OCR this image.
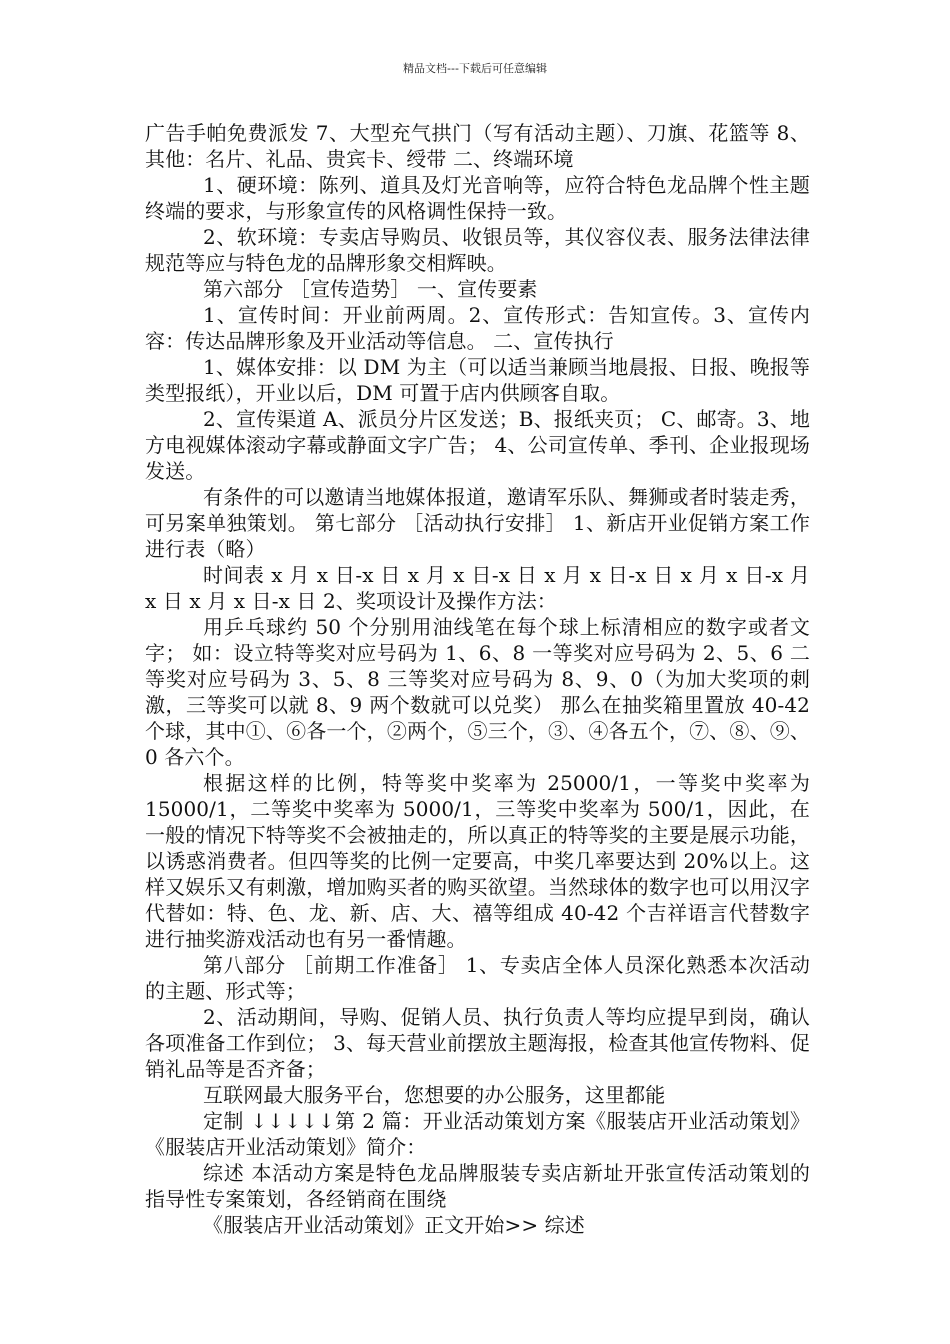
精品文档---下载后可任意编辑

广告手帕免费派发 7、大型充气拱门（写有活动主题）、刀旗、花篮等 8、其他：名片、礼品、贵宾卡、绶带 二、终端环境

1、硬环境：陈列、道具及灯光音响等，应符合特色龙品牌个性主题终端的要求，与形象宣传的风格调性保持一致。

2、软环境：专卖店导购员、收银员等，其仪容仪表、服务法律法律规范等应与特色龙的品牌形象交相辉映。

第六部分 ［宣传造势］ 一、宣传要素

1、宣传时间：开业前两周。2、宣传形式：告知宣传。3、宣传内容：传达品牌形象及开业活动等信息。 二、宣传执行

1、媒体安排：以 DM 为主（可以适当兼顾当地晨报、日报、晚报等类型报纸），开业以后，DM 可置于店内供顾客自取。

2、宣传渠道 A、派员分片区发送；B、报纸夹页； C、邮寄。3、地方电视媒体滚动字幕或静面文字广告； 4、公司宣传单、季刊、企业报现场发送。

有条件的可以邀请当地媒体报道，邀请军乐队、舞狮或者时装走秀，可另案单独策划。 第七部分 ［活动执行安排］ 1、新店开业促销方案工作进行表（略）

时间表 x 月 x 日-x 日 x 月 x 日-x 日 x 月 x 日-x 日 x 月 x 日-x 月 x 日 x 月 x 日-x 日 2、奖项设计及操作方法：

用乒乓球约 50 个分别用油线笔在每个球上标清相应的数字或者文字； 如：设立特等奖对应号码为 1、6、8 一等奖对应号码为 2、5、6 二等奖对应号码为 3、5、8 三等奖对应号码为 8、9、0（为加大奖项的刺激，三等奖可以就 8、9 两个数就可以兑奖） 那么在抽奖箱里置放 40-42 个球，其中①、⑥各一个，②两个，⑤三个，③、④各五个，⑦、⑧、⑨、0 各六个。

根据这样的比例，特等奖中奖率为 25000/1，一等奖中奖率为 15000/1，二等奖中奖率为 5000/1，三等奖中奖率为 500/1，因此，在一般的情况下特等奖不会被抽走的，所以真正的特等奖的主要是展示功能，以诱惑消费者。但四等奖的比例一定要高，中奖几率要达到 20%以上。这样又娱乐又有刺激，增加购买者的购买欲望。当然球体的数字也可以用汉字代替如：特、色、龙、新、店、大、禧等组成 40-42 个吉祥语言代替数字进行抽奖游戏活动也有另一番情趣。

第八部分 ［前期工作准备］ 1、专卖店全体人员深化熟悉本次活动的主题、形式等；

2、活动期间，导购、促销人员、执行负责人等均应提早到岗，确认各项准备工作到位； 3、每天营业前摆放主题海报，检查其他宣传物料、促销礼品等是否齐备；

互联网最大服务平台，您想要的办公服务，这里都能

定制 ↓↓↓↓↓第 2 篇：开业活动策划方案《服装店开业活动策划》《服装店开业活动策划》简介：

综述 本活动方案是特色龙品牌服装专卖店新址开张宣传活动策划的指导性专案策划，各经销商在围绕

《服装店开业活动策划》正文开始>> 综述
